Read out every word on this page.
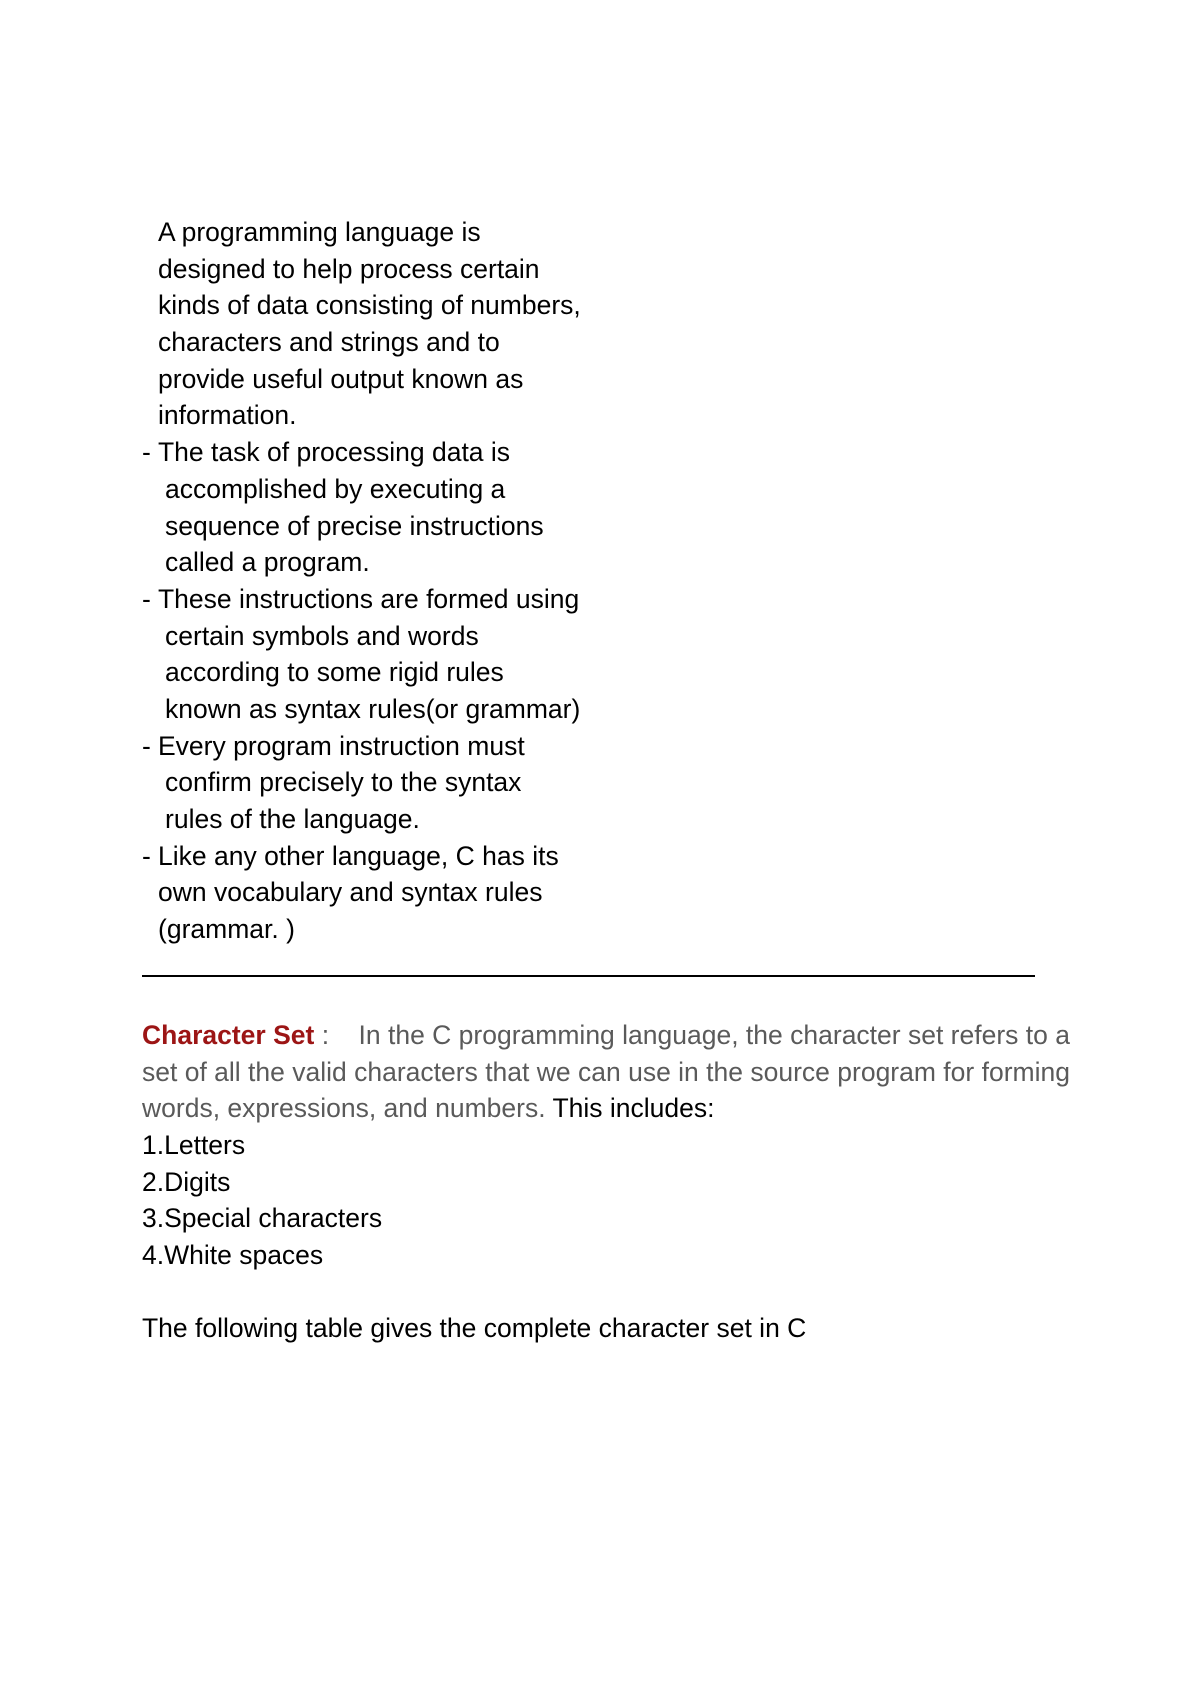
A programming language is
designed to help process certain
kinds of data consisting of numbers,
characters and strings and to
provide useful output known as
information.
- The task of processing data is
accomplished by executing a
sequence of precise instructions
called a program.
- These instructions are formed using
certain symbols and words
according to some rigid rules
known as syntax rules(or grammar)
- Every program instruction must
confirm precisely to the syntax
rules of the language.
- Like any other language, C has its
own vocabulary and syntax rules
(grammar. )
Character Set :    In the C programming language, the character set refers to a set of all the valid characters that we can use in the source program for forming words, expressions, and numbers. This includes:
1.Letters
2.Digits
3.Special characters
4.White spaces
The following table gives the complete character set in C
